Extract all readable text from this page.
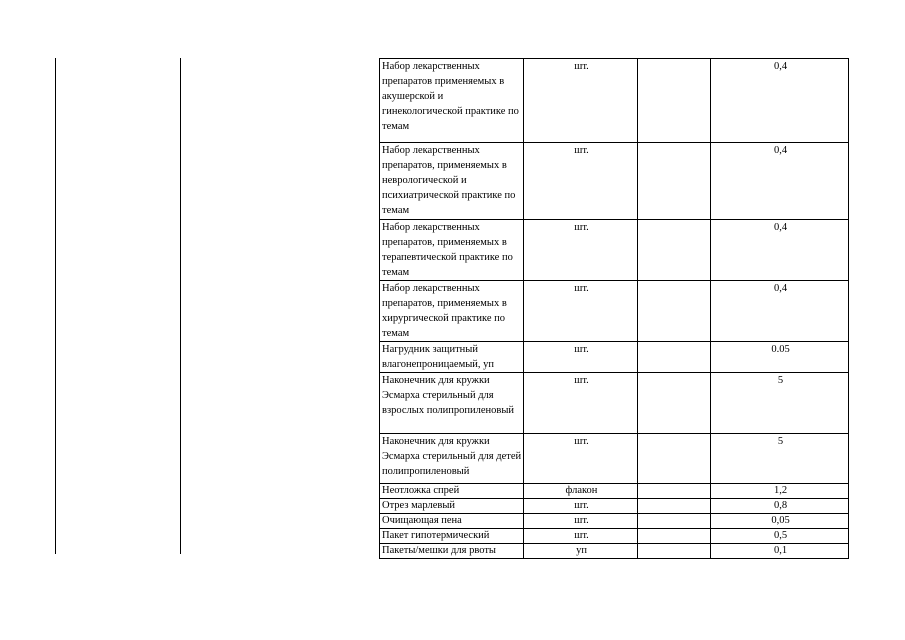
Набор лекарственных препаратов применяемых в акушерской и гинекологической практике по темам	шт.		0,4
Набор лекарственных препаратов, применяемых в неврологической и психиатрической практике по темам	шт.		0,4
Набор лекарственных препаратов, применяемых в терапевтической практике по темам	шт.		0,4
Набор лекарственных препаратов, применяемых в хирургической практике по темам	шт.		0,4
Нагрудник защитный влагонепроницаемый, уп	шт.		0.05
Наконечник для кружки Эсмарха стерильный для взрослых полипропиленовый	шт.		5
Наконечник для кружки Эсмарха стерильный для детей полипропиленовый	шт.		5
Неотложка спрей	флакон		1,2
Отрез марлевый	шт.		0,8
Очищающая пена	шт.		0,05
Пакет гипотермический	шт.		0,5
Пакеты/мешки для рвоты	уп		0,1
